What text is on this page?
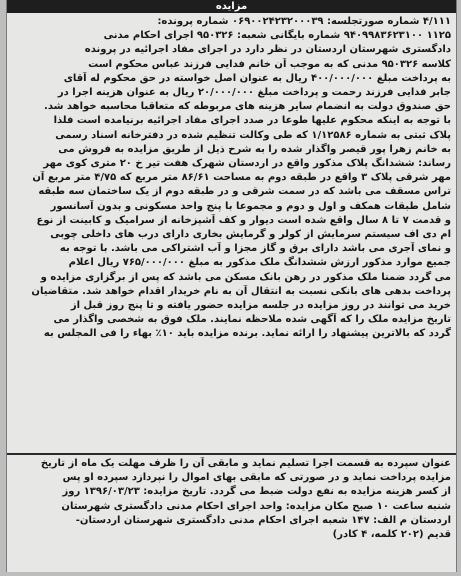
مزایده
۴/۱۱۱ شماره صورتجلسه: ۰۶۹۰۰۲۴۲۳۲۰۰۰۳۹ شماره پرونده:
۱۱۲۵ ۹۴۰۹۹۸۳۶۲۳۱۰۰ شماره بایگانی شعبه: ۹۵۰۳۲۶ اجرای احکام مدنی
دادگستری شهرستان اردستان در نظر دارد در اجرای مفاد اجرائیه در پرونده
کلاسه ۹۵۰۳۲۶ مدنی که به موجب آن خانم فدایی فرزند عباس محکوم است
به پرداخت مبلغ ۴۰۰/۰۰۰/۰۰۰ ریال به عنوان اصل خواسته در حق محکوم له آقای
جابر فدایی فرزند رحمت و پرداخت مبلغ ۲۰/۰۰۰/۰۰۰ ریال به عنوان هزینه اجرا در
حق صندوق دولت به انضمام سایر هزینه های مربوطه که متعاقبا محاسبه خواهد شد.
با توجه به اینکه محکوم علیها طوعا در صدد اجرای مفاد اجرائیه برنیامده است فلذا
پلاک ثبتی به شماره ۱/۱۲۵۸۶ که طی وکالت تنظیم شده در دفترخانه اسناد رسمی
به خانم زهرا پور قیصر واگذار شده را به شرح ذیل از طریق مزایده به فروش می
رساند: ششدانگ پلاک مذکور واقع در اردستان شهرک هفت تیر خ ۲۰ متری کوی مهر
مهر شرقی پلاک ۳ واقع در طبقه دوم به مساحت ۸۶/۶۱ متر مربع که ۴/۷۵ متر مربع آن
تراس مسقف می باشد که در سمت شرقی و در طبقه دوم از یک ساختمان سه طبقه
شامل طبقات همکف و اول و دوم و مجموعا با پنج واحد مسکونی و بدون آسانسور
و قدمت ۷ تا ۸ سال واقع شده است دیوار و کف آشپزخانه از سرامیک و کابینت از نوع
ام دی اف سیستم سرمایش از کولر و گرمایش بخاری دارای درب های داخلی چوبی
و نمای آجری می باشد دارای برق و گاز مجزا و آب اشتراکی می باشد. با توجه به
جمیع موارد مذکور ارزش ششدانگ ملک مذکور به مبلغ ۷۶۵/۰۰۰/۰۰۰ ریال اعلام
می گردد ضمنا ملک مذکور در رهن بانک مسکن می باشد که پس از برگزاری مزایده و
پرداخت بدهی های بانکی نسبت به انتقال آن به نام خریدار اقدام خواهد شد. متقاضیان
خرید می توانند در روز مزایده در جلسه مزایده حضور یافته و تا پنج روز قبل از
تاریخ مزایده ملک را که آگهی شده ملاحظه نمایند. ملک فوق به شخصی واگذار می
گردد که بالاترین پیشنهاد را ارائه نماید. برنده مزایده باید ۱۰٪ بهاء را فی المجلس به
عنوان سپرده به قسمت اجرا تسلیم نماید و مابقی آن را ظرف مهلت یک ماه از تاریخ
مزایده پرداخت نماید و در صورتی که مابقی بهای اموال را نپردازد سپرده او پس
از کسر هزینه مزایده به نفع دولت ضبط می گردد. تاریخ مزایده: ۱۳۹۶/۰۳/۲۳ روز
شنبه ساعت ۱۰ صبح مکان مزایده: واحد اجرای احکام مدنی دادگستری شهرستان
اردستان م الف: ۱۴۷ شعبه اجرای احکام مدنی دادگستری شهرستان اردستان-
قدیم (۲۰۲ کلمه، ۴ کادر)
